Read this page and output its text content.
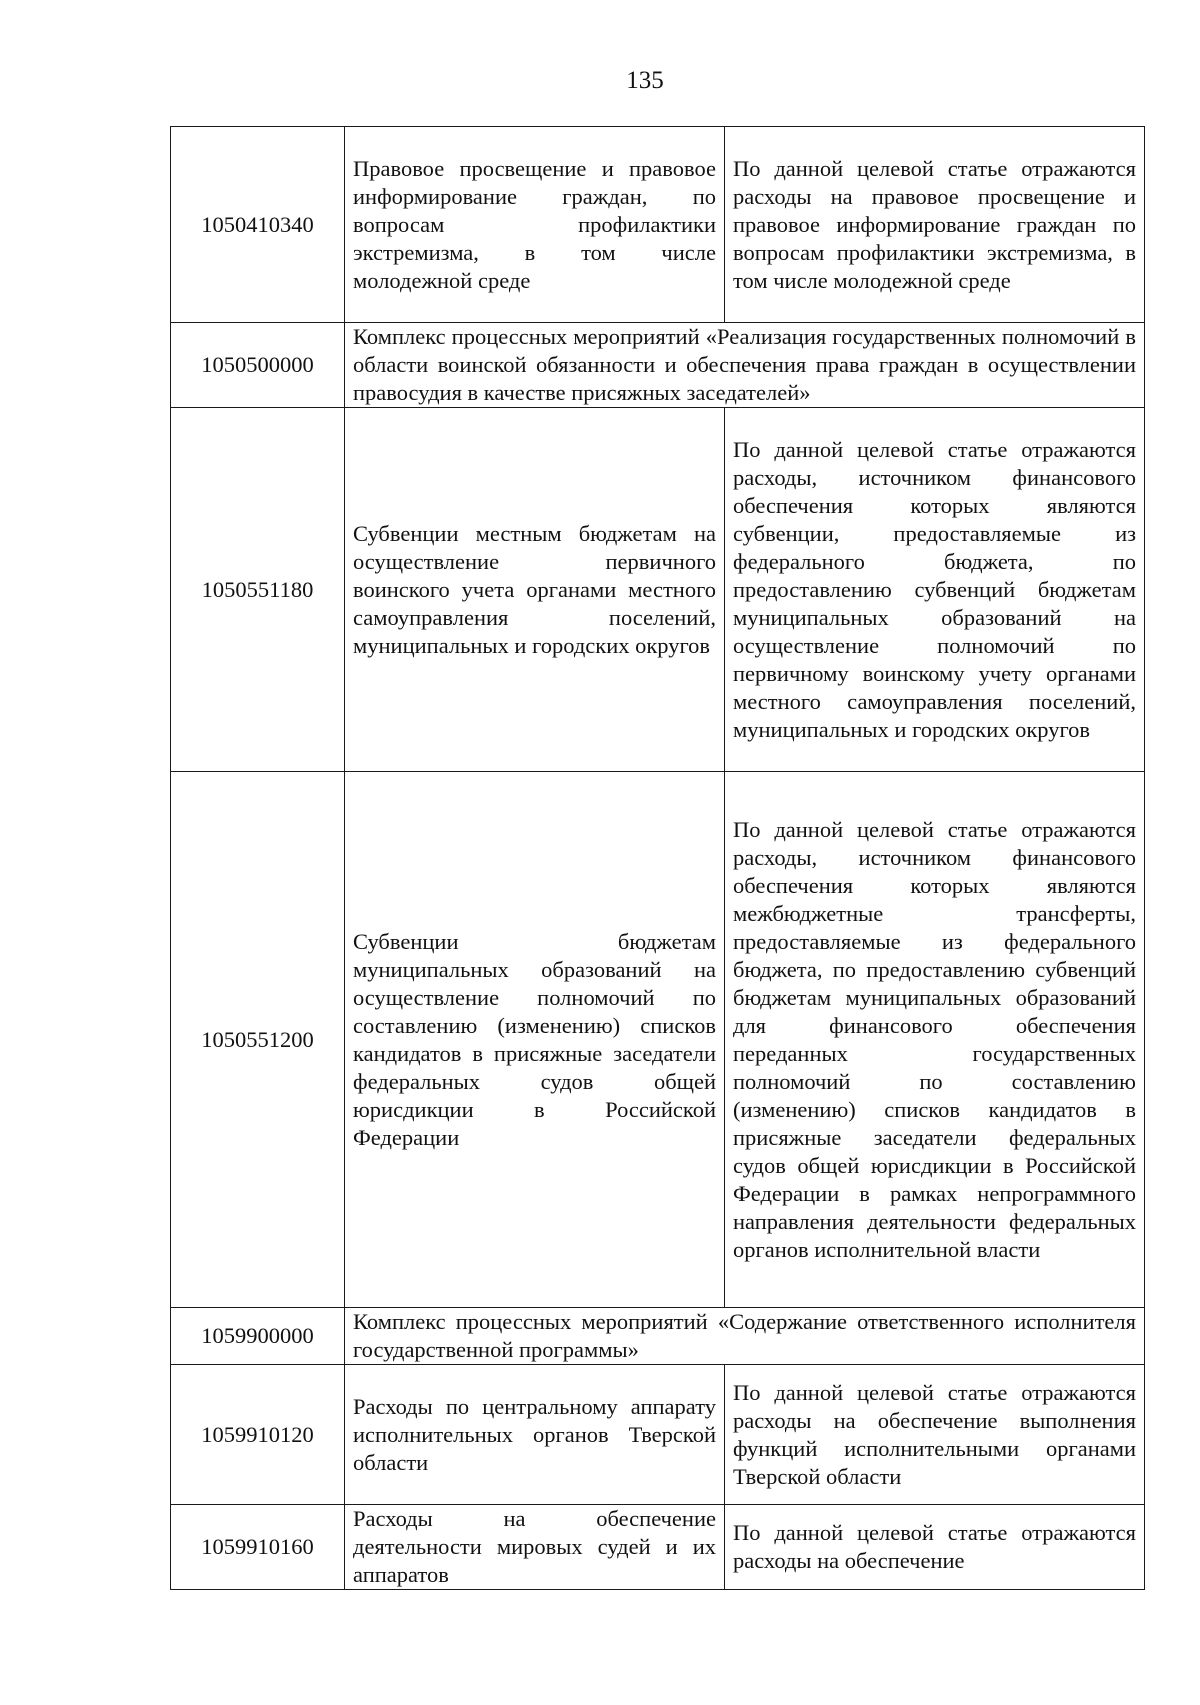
135
1050410340	Правовое просвещение и правовое информирование граждан, по вопросам профилактики экстремизма, в том числе молодежной среде	По данной целевой статье отражаются расходы на правовое просвещение и правовое информирование граждан по вопросам профилактики экстремизма, в том числе молодежной среде
1050500000	Комплекс процессных мероприятий «Реализация государственных полномочий в области воинской обязанности и обеспечения права граждан в осуществлении правосудия в качестве присяжных заседателей»	
1050551180	Субвенции местным бюджетам на осуществление первичного воинского учета органами местного самоуправления поселений, муниципальных и городских округов	По данной целевой статье отражаются расходы, источником финансового обеспечения которых являются субвенции, предоставляемые из федерального бюджета, по предоставлению субвенций бюджетам муниципальных образований на осуществление полномочий по первичному воинскому учету органами местного самоуправления поселений, муниципальных и городских округов
1050551200	Субвенции бюджетам муниципальных образований на осуществление полномочий по составлению (изменению) списков кандидатов в присяжные заседатели федеральных судов общей юрисдикции в Российской Федерации	По данной целевой статье отражаются расходы, источником финансового обеспечения которых являются межбюджетные трансферты, предоставляемые из федерального бюджета, по предоставлению субвенций бюджетам муниципальных образований для финансового обеспечения переданных государственных полномочий по составлению (изменению) списков кандидатов в присяжные заседатели федеральных судов общей юрисдикции в Российской Федерации в рамках непрограммного направления деятельности федеральных органов исполнительной власти
1059900000	Комплекс процессных мероприятий «Содержание ответственного исполнителя государственной программы»	
1059910120	Расходы по центральному аппарату исполнительных органов Тверской области	По данной целевой статье отражаются расходы на обеспечение выполнения функций исполнительными органами Тверской области
1059910160	Расходы на обеспечение деятельности мировых судей и их аппаратов	По данной целевой статье отражаются расходы на обеспечение
